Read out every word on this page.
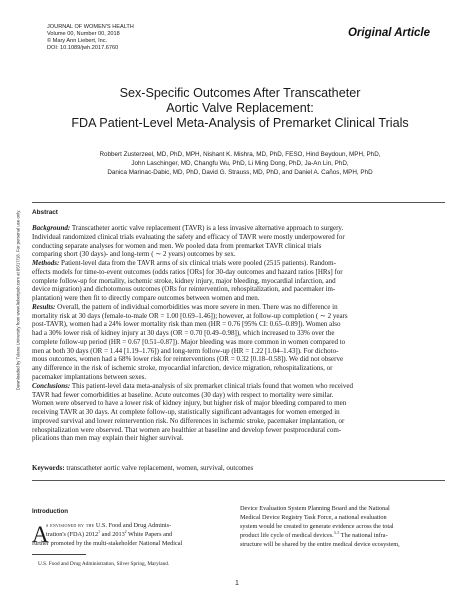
JOURNAL OF WOMEN'S HEALTH
Volume 00, Number 00, 2018
© Mary Ann Liebert, Inc.
DOI: 10.1089/jwh.2017.6760
Original Article
Downloaded by Tulane University from www.liebertpub.com at 05/17/18. For personal use only.
Sex-Specific Outcomes After Transcatheter
Aortic Valve Replacement:
FDA Patient-Level Meta-Analysis of Premarket Clinical Trials
Robbert Zusterzeel, MD, PhD, MPH, Nishant K. Mishra, MD, PhD, FESO, Hind Beydoun, MPH, PhD,
John Laschinger, MD, Changfu Wu, PhD, Li Ming Dong, PhD, Ja-An Lin, PhD,
Danica Marinac-Dabic, MD, PhD, David G. Strauss, MD, PhD, and Daniel A. Caños, MPH, PhD
Abstract
Background: Transcatheter aortic valve replacement (TAVR) is a less invasive alternative approach to surgery.
Individual randomized clinical trials evaluating the safety and efficacy of TAVR were mostly underpowered for
conducting separate analyses for women and men. We pooled data from premarket TAVR clinical trials
comparing short (30 days)- and long-term ( ∼ 2 years) outcomes by sex.
Methods: Patient-level data from the TAVR arms of six clinical trials were pooled (2515 patients). Random-
effects models for time-to-event outcomes (odds ratios [ORs] for 30-day outcomes and hazard ratios [HRs] for
complete follow-up for mortality, ischemic stroke, kidney injury, major bleeding, myocardial infarction, and
device migration) and dichotomous outcomes (ORs for reintervention, rehospitalization, and pacemaker im-
plantation) were then fit to directly compare outcomes between women and men.
Results: Overall, the pattern of individual comorbidities was more severe in men. There was no difference in
mortality risk at 30 days (female-to-male OR = 1.00 [0.69–1.46]); however, at follow-up completion ( ∼ 2 years
post-TAVR), women had a 24% lower mortality risk than men (HR = 0.76 [95% CI: 0.65–0.89]). Women also
had a 30% lower risk of kidney injury at 30 days (OR = 0.70 [0.49–0.98]), which increased to 33% over the
complete follow-up period (HR = 0.67 [0.51–0.87]). Major bleeding was more common in women compared to
men at both 30 days (OR = 1.44 [1.19–1.76]) and long-term follow-up (HR = 1.22 [1.04–1.43]). For dichoto-
mous outcomes, women had a 68% lower risk for reinterventions (OR = 0.32 [0.18–0.58]). We did not observe
any difference in the risk of ischemic stroke, myocardial infarction, device migration, rehospitalizations, or
pacemaker implantations between sexes.
Conclusions: This patient-level data meta-analysis of six premarket clinical trials found that women who received
TAVR had fewer comorbidities at baseline. Acute outcomes (30 day) with respect to mortality were similar.
Women were observed to have a lower risk of kidney injury, but higher risk of major bleeding compared to men
receiving TAVR at 30 days. At complete follow-up, statistically significant advantages for women emerged in
improved survival and lower reintervention risk. No differences in ischemic stroke, pacemaker implantation, or
rehospitalization were observed. That women are healthier at baseline and develop fewer postprocedural com-
plications than men may explain their higher survival.
Keywords: transcatheter aortic valve replacement, women, survival, outcomes
Introduction
A
s envisioned by the U.S. Food and Drug Adminis-
tration's (FDA) 2012$^1$ and 2013$^2$ White Papers and
further promoted by the multi-stakeholder National Medical
Device Evaluation System Planning Board and the National
Medical Device Registry Task Force, a national evaluation
system would be created to generate evidence across the total
product life cycle of medical devices.$^{3-5}$ The national infra-
structure will be shared by the entire medical device ecosystem,
U.S. Food and Drug Administration, Silver Spring, Maryland.
1
